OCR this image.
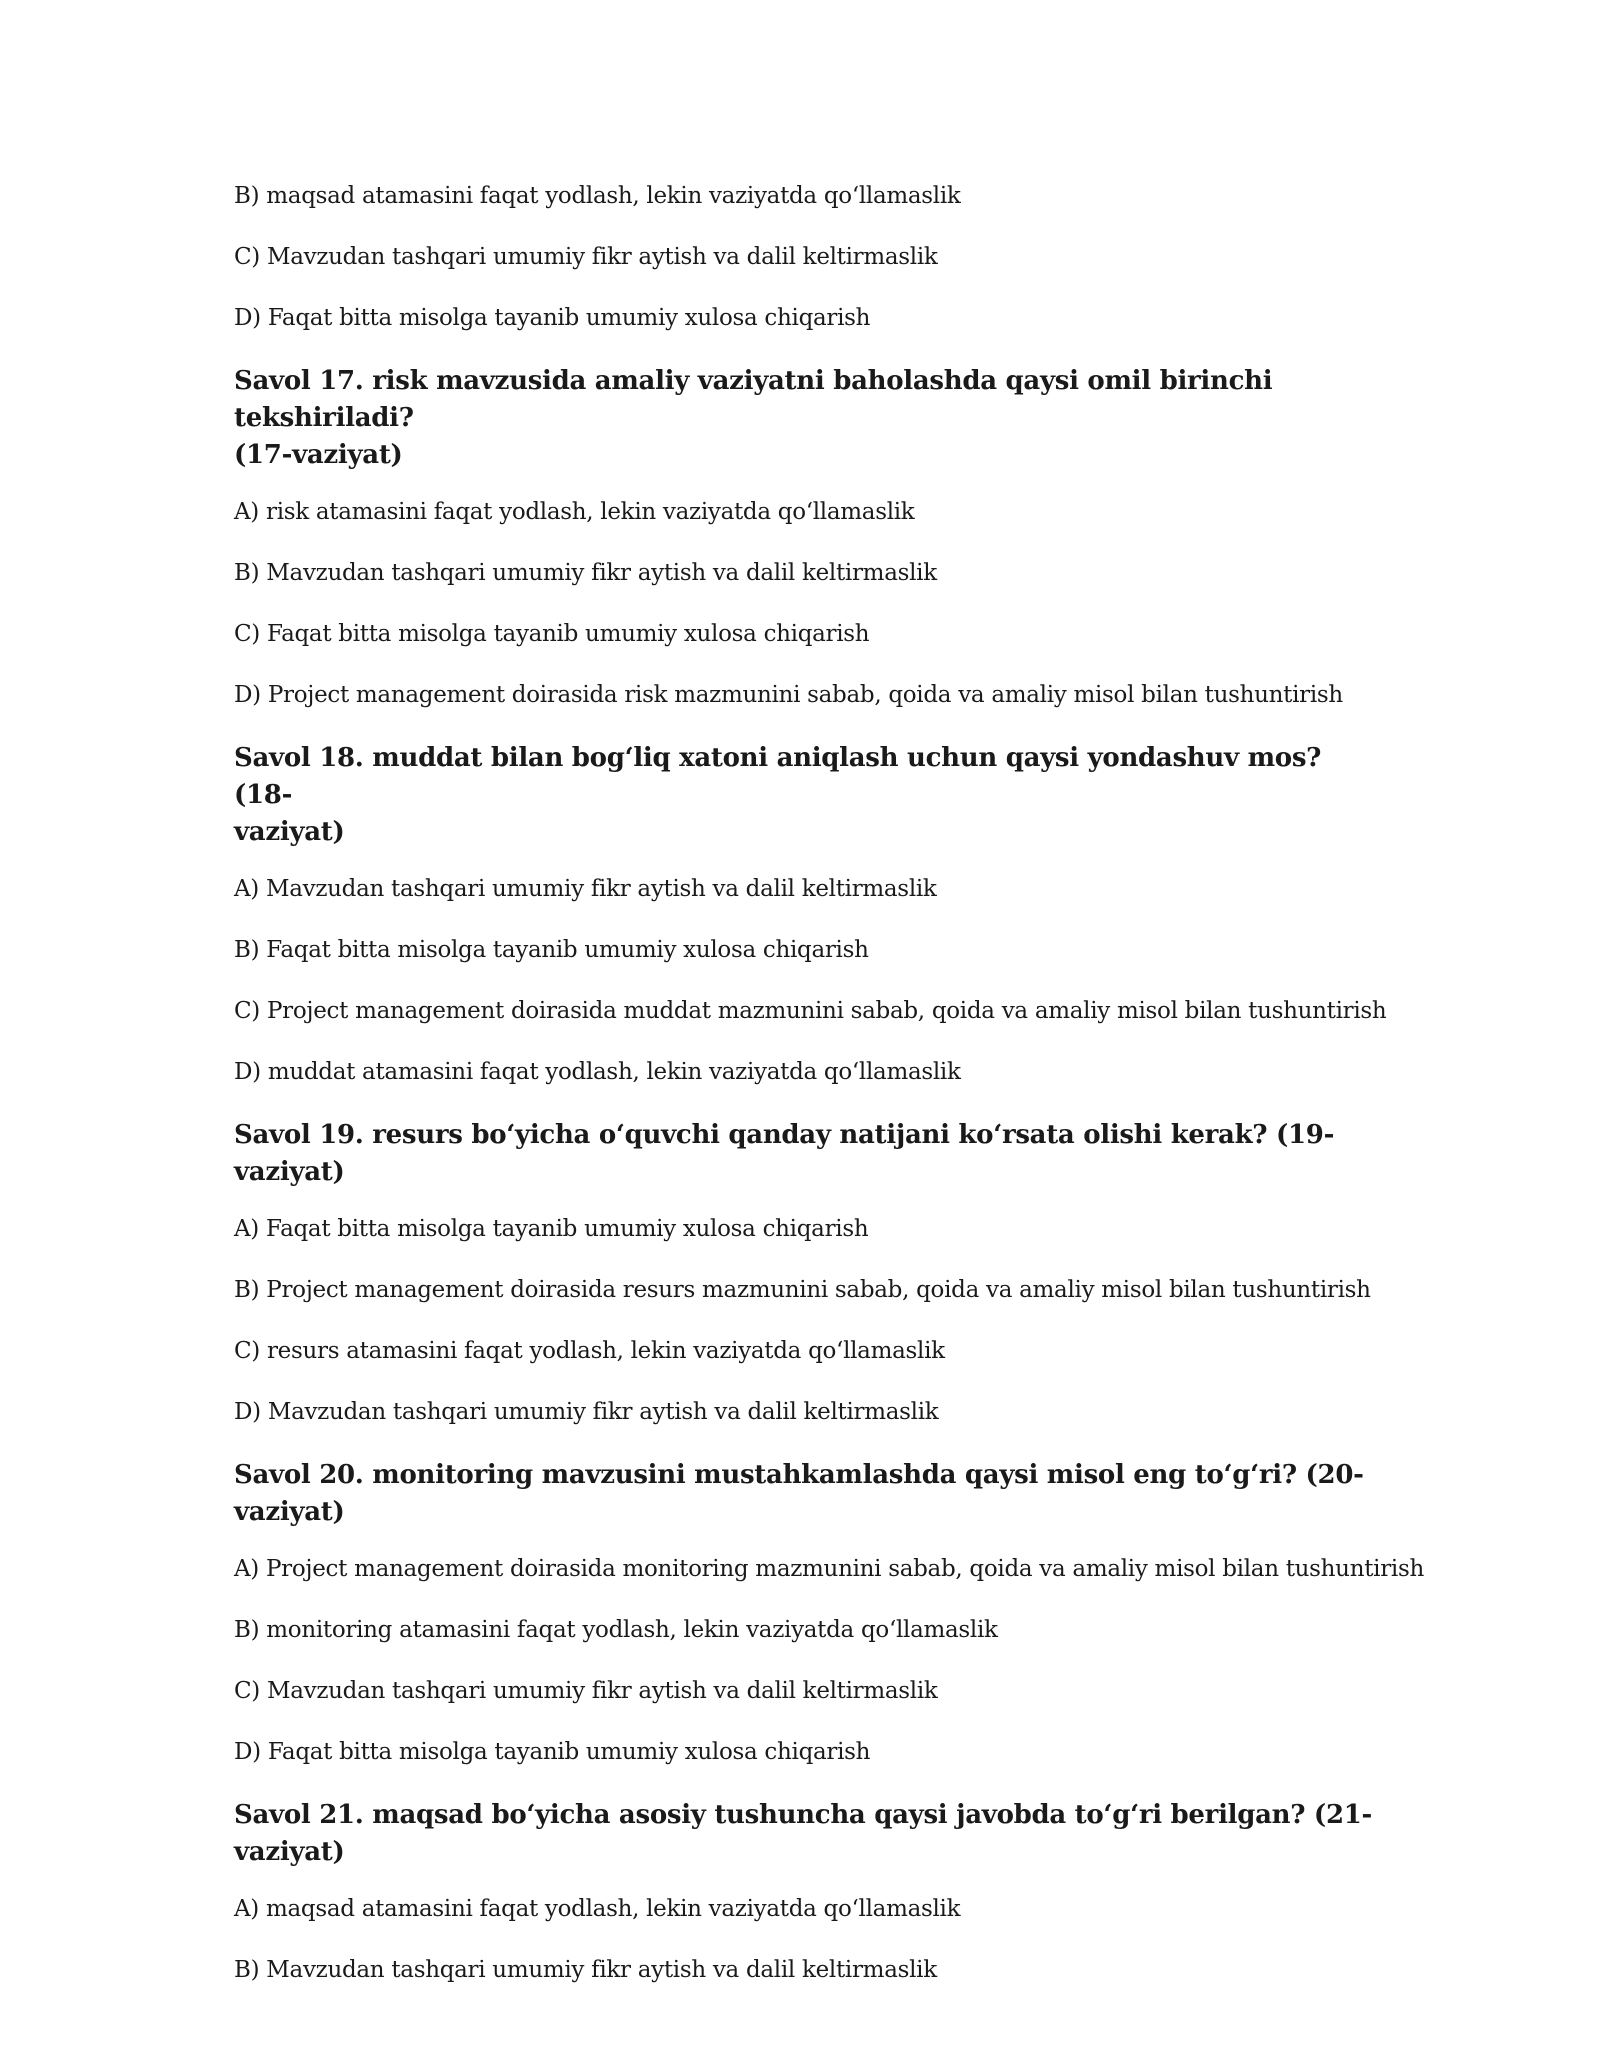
B) maqsad atamasini faqat yodlash, lekin vaziyatda qo‘llamaslik
C) Mavzudan tashqari umumiy fikr aytish va dalil keltirmaslik
D) Faqat bitta misolga tayanib umumiy xulosa chiqarish
Savol 17. risk mavzusida amaliy vaziyatni baholashda qaysi omil birinchi tekshiriladi?
(17-vaziyat)
A) risk atamasini faqat yodlash, lekin vaziyatda qo‘llamaslik
B) Mavzudan tashqari umumiy fikr aytish va dalil keltirmaslik
C) Faqat bitta misolga tayanib umumiy xulosa chiqarish
D) Project management doirasida risk mazmunini sabab, qoida va amaliy misol bilan tushuntirish
Savol 18. muddat bilan bog‘liq xatoni aniqlash uchun qaysi yondashuv mos? (18-
vaziyat)
A) Mavzudan tashqari umumiy fikr aytish va dalil keltirmaslik
B) Faqat bitta misolga tayanib umumiy xulosa chiqarish
C) Project management doirasida muddat mazmunini sabab, qoida va amaliy misol bilan tushuntirish
D) muddat atamasini faqat yodlash, lekin vaziyatda qo‘llamaslik
Savol 19. resurs bo‘yicha o‘quvchi qanday natijani ko‘rsata olishi kerak? (19-vaziyat)
A) Faqat bitta misolga tayanib umumiy xulosa chiqarish
B) Project management doirasida resurs mazmunini sabab, qoida va amaliy misol bilan tushuntirish
C) resurs atamasini faqat yodlash, lekin vaziyatda qo‘llamaslik
D) Mavzudan tashqari umumiy fikr aytish va dalil keltirmaslik
Savol 20. monitoring mavzusini mustahkamlashda qaysi misol eng to‘g‘ri? (20-vaziyat)
A) Project management doirasida monitoring mazmunini sabab, qoida va amaliy misol bilan tushuntirish
B) monitoring atamasini faqat yodlash, lekin vaziyatda qo‘llamaslik
C) Mavzudan tashqari umumiy fikr aytish va dalil keltirmaslik
D) Faqat bitta misolga tayanib umumiy xulosa chiqarish
Savol 21. maqsad bo‘yicha asosiy tushuncha qaysi javobda to‘g‘ri berilgan? (21-vaziyat)
A) maqsad atamasini faqat yodlash, lekin vaziyatda qo‘llamaslik
B) Mavzudan tashqari umumiy fikr aytish va dalil keltirmaslik
